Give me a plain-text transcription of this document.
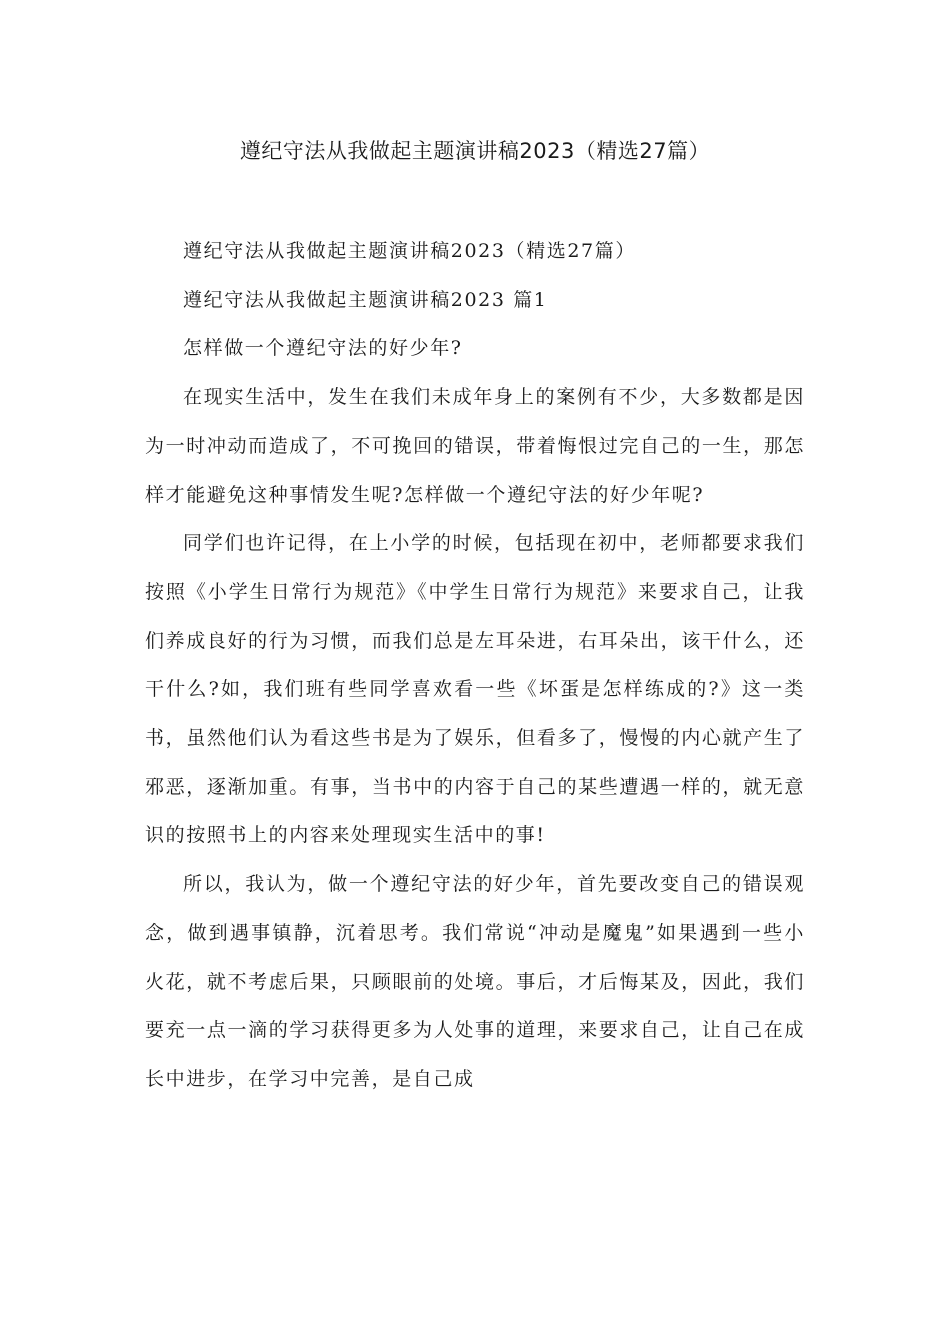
遵纪守法从我做起主题演讲稿2023（精选27篇）

遵纪守法从我做起主题演讲稿2023（精选27篇）

遵纪守法从我做起主题演讲稿2023 篇1

怎样做一个遵纪守法的好少年?

在现实生活中，发生在我们未成年身上的案例有不少，大多数都是因为一时冲动而造成了，不可挽回的错误，带着悔恨过完自己的一生，那怎样才能避免这种事情发生呢?怎样做一个遵纪守法的好少年呢?

同学们也许记得，在上小学的时候，包括现在初中，老师都要求我们按照《小学生日常行为规范》《中学生日常行为规范》来要求自己，让我们养成良好的行为习惯，而我们总是左耳朵进，右耳朵出，该干什么，还干什么?如，我们班有些同学喜欢看一些《坏蛋是怎样练成的?》这一类书，虽然他们认为看这些书是为了娱乐，但看多了，慢慢的内心就产生了邪恶，逐渐加重。有事，当书中的内容于自己的某些遭遇一样的，就无意识的按照书上的内容来处理现实生活中的事!

所以，我认为，做一个遵纪守法的好少年，首先要改变自己的错误观念，做到遇事镇静，沉着思考。我们常说“冲动是魔鬼”如果遇到一些小火花，就不考虑后果，只顾眼前的处境。事后，才后悔某及，因此，我们要充一点一滴的学习获得更多为人处事的道理，来要求自己，让自己在成长中进步，在学习中完善，是自己成
